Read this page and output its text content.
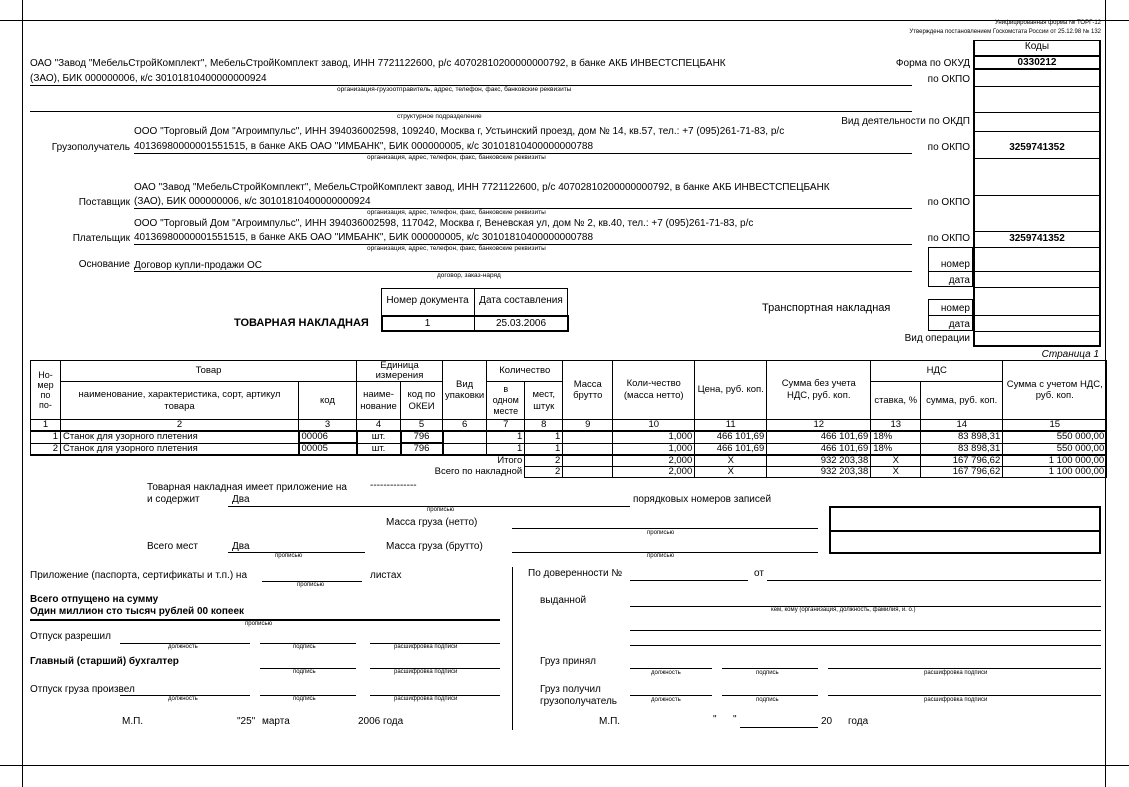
Унифицированная форма № ТОРГ-12
Утверждена постановлением Госкомстата России от 25.12.98 № 132
Коды
0330212
Форма по ОКУД
по ОКПО
Вид деятельности по ОКДП
по ОКПО	3259741352
по ОКПО
по ОКПО	3259741352
номер
дата
Транспортная накладная	номер
дата
Вид операции
ОАО "Завод "МебельСтройКомплект", МебельСтройКомплект завод, ИНН 7721122600, р/с 40702810200000000792, в банке АКБ ИНВЕСТСПЕЦБАНК
(ЗАО), БИК 000000006, к/с 30101810400000000924
организация-грузоотправитель, адрес, телефон, факс, банковские реквизиты
структурное подразделение
Грузополучатель
ООО "Торговый Дом "Агроимпульс", ИНН 394036002598, 109240, Москва г, Устьинский проезд, дом № 14, кв.57, тел.: +7 (095)261-71-83, р/с
40136980000001551515, в банке АКБ ОАО "ИМБАНК", БИК 000000005, к/с 30101810400000000788
организация, адрес, телефон, факс, банковские реквизиты
Поставщик
ОАО "Завод "МебельСтройКомплект", МебельСтройКомплект завод, ИНН 7721122600, р/с 40702810200000000792, в банке АКБ ИНВЕСТСПЕЦБАНК
(ЗАО), БИК 000000006, к/с 30101810400000000924
организация, адрес, телефон, факс, банковские реквизиты
Плательщик
ООО "Торговый Дом "Агроимпульс", ИНН 394036002598, 117042, Москва г, Веневская ул, дом № 2, кв.40, тел.: +7 (095)261-71-83, р/с
40136980000001551515, в банке АКБ ОАО "ИМБАНК", БИК 000000005, к/с 30101810400000000788
организация, адрес, телефон, факс, банковские реквизиты
Основание Договор купли-продажи ОС
договор, заказ-наряд
ТОВАРНАЯ НАКЛАДНАЯ
Номер документа	Дата составления
1	25.03.2006
Страница 1
Но-
мер
по
по-	Товар		Единица измерения		Вид упаковки	Количество		Масса брутто	Коли-чество (масса нетто)	Цена, руб. коп.	Сумма без учета НДС, руб. коп.	НДС		Сумма с учетом НДС, руб. коп.
	наименование, характеристика, сорт, артикул товара	код	наиме-нование	код по ОКЕИ		в одном месте	мест, штук					ставка, %	сумма, руб. коп.	
1	2	3	4	5	6	7	8	9	10	11	12	13	14	15
1	Станок для узорного плетения	00006	шт.	796		1	1		1,000	466 101,69	466 101,69	18%	83 898,31	550 000,00
2	Станок для узорного плетения	00005	шт.	796		1	1		1,000	466 101,69	466 101,69	18%	83 898,31	550 000,00
Итого							2		2,000	X	932 203,38	X	167 796,62	1 100 000,00
Всего по накладной							2		2,000	X	932 203,38	X	167 796,62	1 100 000,00
Товарная накладная имеет приложение на --------------
и содержит	Два
прописью
порядковых номеров записей
Масса груза (нетто)
прописью
Всего мест	Два
прописью
Масса груза (брутто)
прописью
Приложение (паспорта, сертификаты и т.п.) на
прописью
листах
Всего отпущено на сумму
Один миллион сто тысяч рублей 00 копеек
прописью
Отпуск разрешил
должность	подпись	расшифровка подписи
Главный (старший) бухгалтер
подпись	расшифровка подписи
Отпуск груза произвел
должность	подпись	расшифровка подписи
М.П.	"25" марта	2006 года
По доверенности №	от
выданной
кем, кому (организация, должность, фамилия, и. о.)
Груз принял
должность	подпись	расшифровка подписи
Груз получил грузополучатель	должность	подпись	расшифровка подписи
М.П.	" "	20 года
